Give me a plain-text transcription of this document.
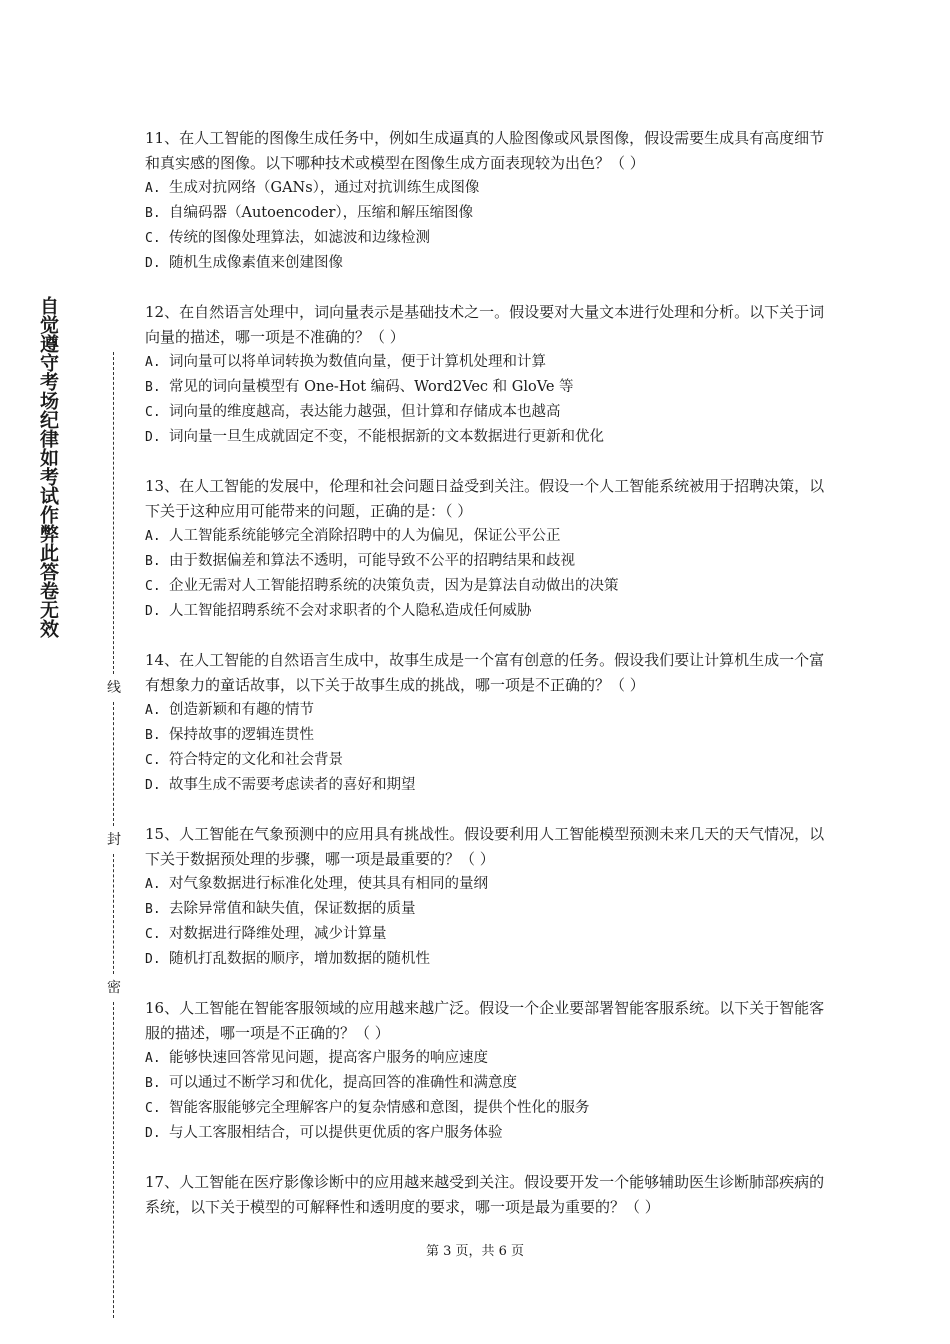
自觉遵守考场纪律如考试作弊此答卷无效
线
封
密

11、在人工智能的图像生成任务中，例如生成逼真的人脸图像或风景图像，假设需要生成具有高度细节和真实感的图像。以下哪种技术或模型在图像生成方面表现较为出色？（ ）

A. 生成对抗网络（GANs），通过对抗训练生成图像

B. 自编码器（Autoencoder），压缩和解压缩图像

C. 传统的图像处理算法，如滤波和边缘检测

D. 随机生成像素值来创建图像

12、在自然语言处理中，词向量表示是基础技术之一。假设要对大量文本进行处理和分析。以下关于词向量的描述，哪一项是不准确的？（ ）

A. 词向量可以将单词转换为数值向量，便于计算机处理和计算

B. 常见的词向量模型有 One-Hot 编码、Word2Vec 和 GloVe 等

C. 词向量的维度越高，表达能力越强，但计算和存储成本也越高

D. 词向量一旦生成就固定不变，不能根据新的文本数据进行更新和优化

13、在人工智能的发展中，伦理和社会问题日益受到关注。假设一个人工智能系统被用于招聘决策，以下关于这种应用可能带来的问题，正确的是：（ ）

A. 人工智能系统能够完全消除招聘中的人为偏见，保证公平公正

B. 由于数据偏差和算法不透明，可能导致不公平的招聘结果和歧视

C. 企业无需对人工智能招聘系统的决策负责，因为是算法自动做出的决策

D. 人工智能招聘系统不会对求职者的个人隐私造成任何威胁

14、在人工智能的自然语言生成中，故事生成是一个富有创意的任务。假设我们要让计算机生成一个富有想象力的童话故事，以下关于故事生成的挑战，哪一项是不正确的？（ ）

A. 创造新颖和有趣的情节

B. 保持故事的逻辑连贯性

C. 符合特定的文化和社会背景

D. 故事生成不需要考虑读者的喜好和期望

15、人工智能在气象预测中的应用具有挑战性。假设要利用人工智能模型预测未来几天的天气情况，以下关于数据预处理的步骤，哪一项是最重要的？（ ）

A. 对气象数据进行标准化处理，使其具有相同的量纲

B. 去除异常值和缺失值，保证数据的质量

C. 对数据进行降维处理，减少计算量

D. 随机打乱数据的顺序，增加数据的随机性

16、人工智能在智能客服领域的应用越来越广泛。假设一个企业要部署智能客服系统。以下关于智能客服的描述，哪一项是不正确的？（ ）

A. 能够快速回答常见问题，提高客户服务的响应速度

B. 可以通过不断学习和优化，提高回答的准确性和满意度

C. 智能客服能够完全理解客户的复杂情感和意图，提供个性化的服务

D. 与人工客服相结合，可以提供更优质的客户服务体验

17、人工智能在医疗影像诊断中的应用越来越受到关注。假设要开发一个能够辅助医生诊断肺部疾病的系统，以下关于模型的可解释性和透明度的要求，哪一项是最为重要的？（ ）

第 3 页，共 6 页
